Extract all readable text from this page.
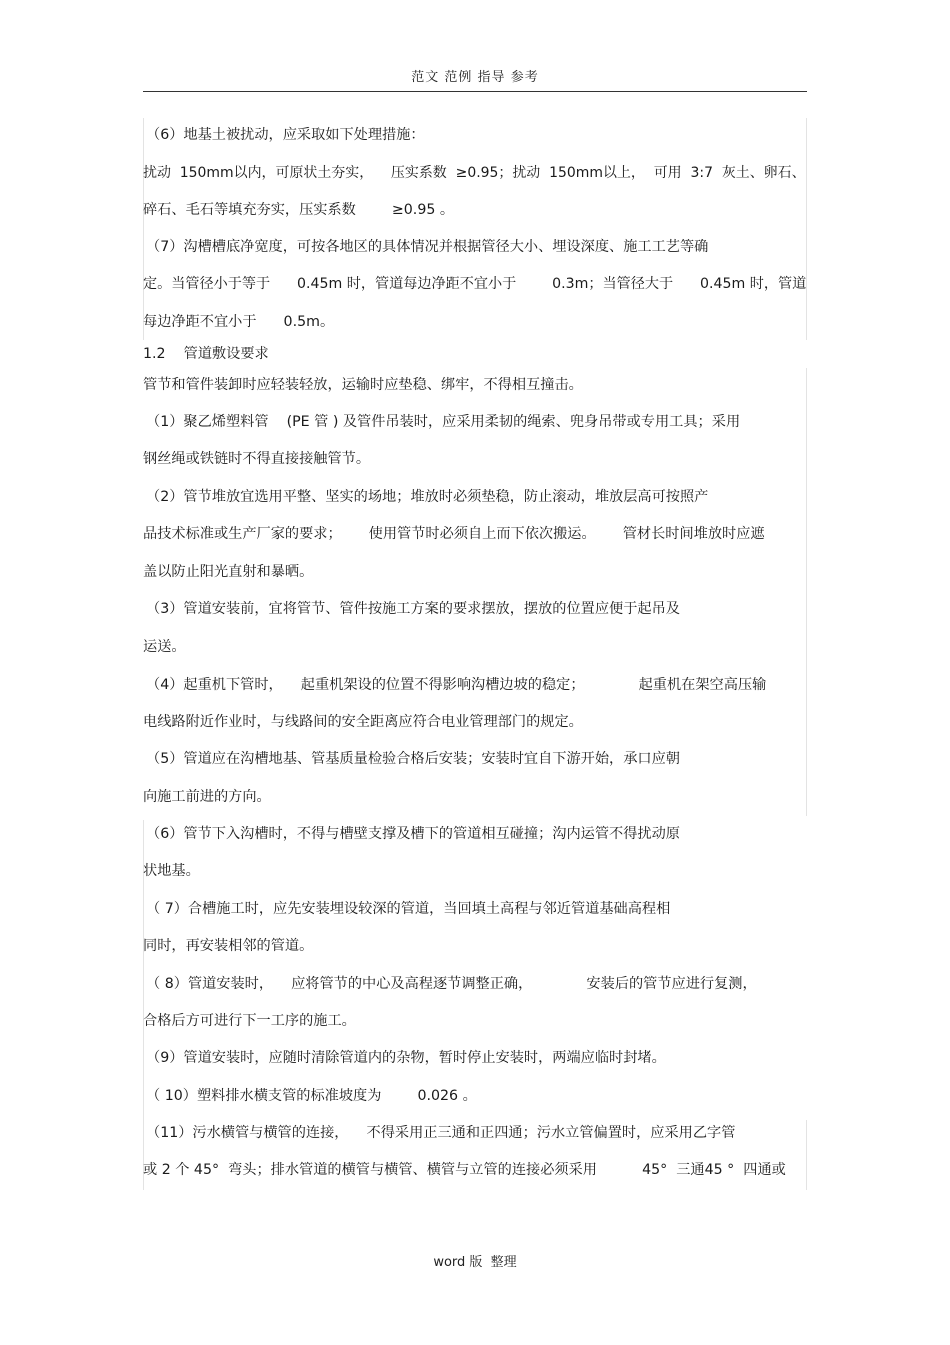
范文 范例 指导 参考
（6）地基土被扰动，应采取如下处理措施：
扰动  150mm以内，可原状土夯实，    压实系数  ≥0.95；扰动  150mm以上，  可用  3:7  灰土、卵石、
碎石、毛石等填充夯实，压实系数        ≥0.95 。
（7）沟槽槽底净宽度，可按各地区的具体情况并根据管径大小、埋设深度、施工工艺等确
定。当管径小于等于      0.45m 时，管道每边净距不宜小于        0.3m；当管径大于      0.45m 时，管道
每边净距不宜小于      0.5m。
1.2    管道敷设要求
管节和管件装卸时应轻装轻放，运输时应垫稳、绑牢，不得相互撞击。
（1）聚乙烯塑料管    (PE 管 ) 及管件吊装时，应采用柔韧的绳索、兜身吊带或专用工具；采用
钢丝绳或铁链时不得直接接触管节。
（2）管节堆放宜选用平整、坚实的场地；堆放时必须垫稳，防止滚动，堆放层高可按照产
品技术标准或生产厂家的要求；      使用管节时必须自上而下依次搬运。      管材长时间堆放时应遮
盖以防止阳光直射和暴晒。
（3）管道安装前，宜将管节、管件按施工方案的要求摆放，摆放的位置应便于起吊及
运送。
（4）起重机下管时，    起重机架设的位置不得影响沟槽边坡的稳定；            起重机在架空高压输
电线路附近作业时，与线路间的安全距离应符合电业管理部门的规定。
（5）管道应在沟槽地基、管基质量检验合格后安装；安装时宜自下游开始，承口应朝
向施工前进的方向。
（6）管节下入沟槽时，不得与槽壁支撑及槽下的管道相互碰撞；沟内运管不得扰动原
状地基。
（ 7）合槽施工时，应先安装埋设较深的管道，当回填土高程与邻近管道基础高程相
同时，再安装相邻的管道。
（ 8）管道安装时，    应将管节的中心及高程逐节调整正确，            安装后的管节应进行复测，
合格后方可进行下一工序的施工。
（9）管道安装时，应随时清除管道内的杂物，暂时停止安装时，两端应临时封堵。
（ 10）塑料排水横支管的标准坡度为        0.026 。
（11）污水横管与横管的连接，    不得采用正三通和正四通；污水立管偏置时，应采用乙字管
或 2 个 45°  弯头；排水管道的横管与横管、横管与立管的连接必须采用          45°  三通45 °  四通或
word 版  整理
